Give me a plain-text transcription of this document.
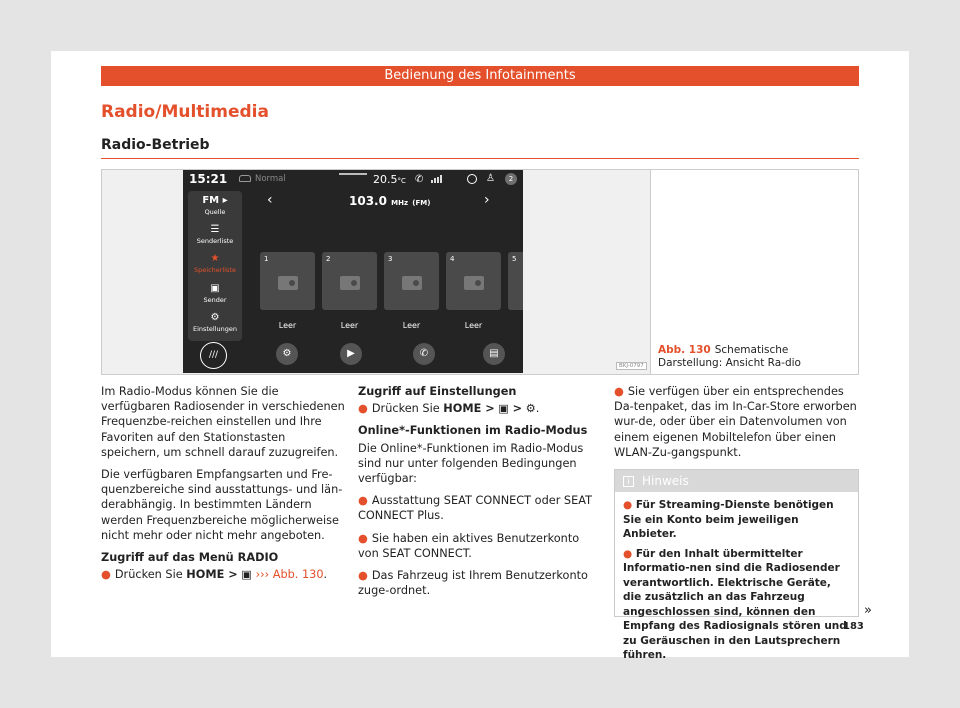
Bedienung des Infotainments
Radio/Multimedia
Radio-Betrieb
15:21	Normal	20.5°C ✆	♙	2
FM ▸
Quelle
☰
Senderliste
★
Speicherliste
▣
Sender
⚙
Einstellungen
‹	103.0 MHz (FM)	›
1	2	3	4	5
Leer	Leer	Leer	Leer
///	⚙	▶	✆	▤
BKJ-0797
Abb. 130 Schematische Darstellung: Ansicht Ra-dio

Im Radio-Modus können Sie die verfügbaren Radiosender in verschiedenen Frequenzbe-reichen einstellen und Ihre Favoriten auf den Stationstasten speichern, um schnell darauf zuzugreifen.

Die verfügbaren Empfangsarten und Fre-quenzbereiche sind ausstattungs- und län-derabhängig. In bestimmten Ländern werden Frequenzbereiche möglicherweise nicht mehr oder nicht mehr angeboten.

Zugriff auf das Menü RADIO

● Drücken Sie HOME > ▣ ››› Abb. 130.

Zugriff auf Einstellungen

● Drücken Sie HOME > ▣ > ⚙.

Online*-Funktionen im Radio-Modus

Die Online*-Funktionen im Radio-Modus sind nur unter folgenden Bedingungen verfügbar:

● Ausstattung SEAT CONNECT oder SEAT CONNECT Plus.

● Sie haben ein aktives Benutzerkonto von SEAT CONNECT.

● Das Fahrzeug ist Ihrem Benutzerkonto zuge-ordnet.

● Sie verfügen über ein entsprechendes Da-tenpaket, das im In-Car-Store erworben wur-de, oder über ein Datenvolumen von einem eigenen Mobiltelefon über einen WLAN-Zu-gangspunkt.

i Hinweis

● Für Streaming-Dienste benötigen Sie ein Konto beim jeweiligen Anbieter.

● Für den Inhalt übermittelter Informatio-nen sind die Radiosender verantwortlich. Elektrische Geräte, die zusätzlich an das Fahrzeug angeschlossen sind, können den Empfang des Radiosignals stören und zu Geräuschen in den Lautsprechern führen.

»
183
